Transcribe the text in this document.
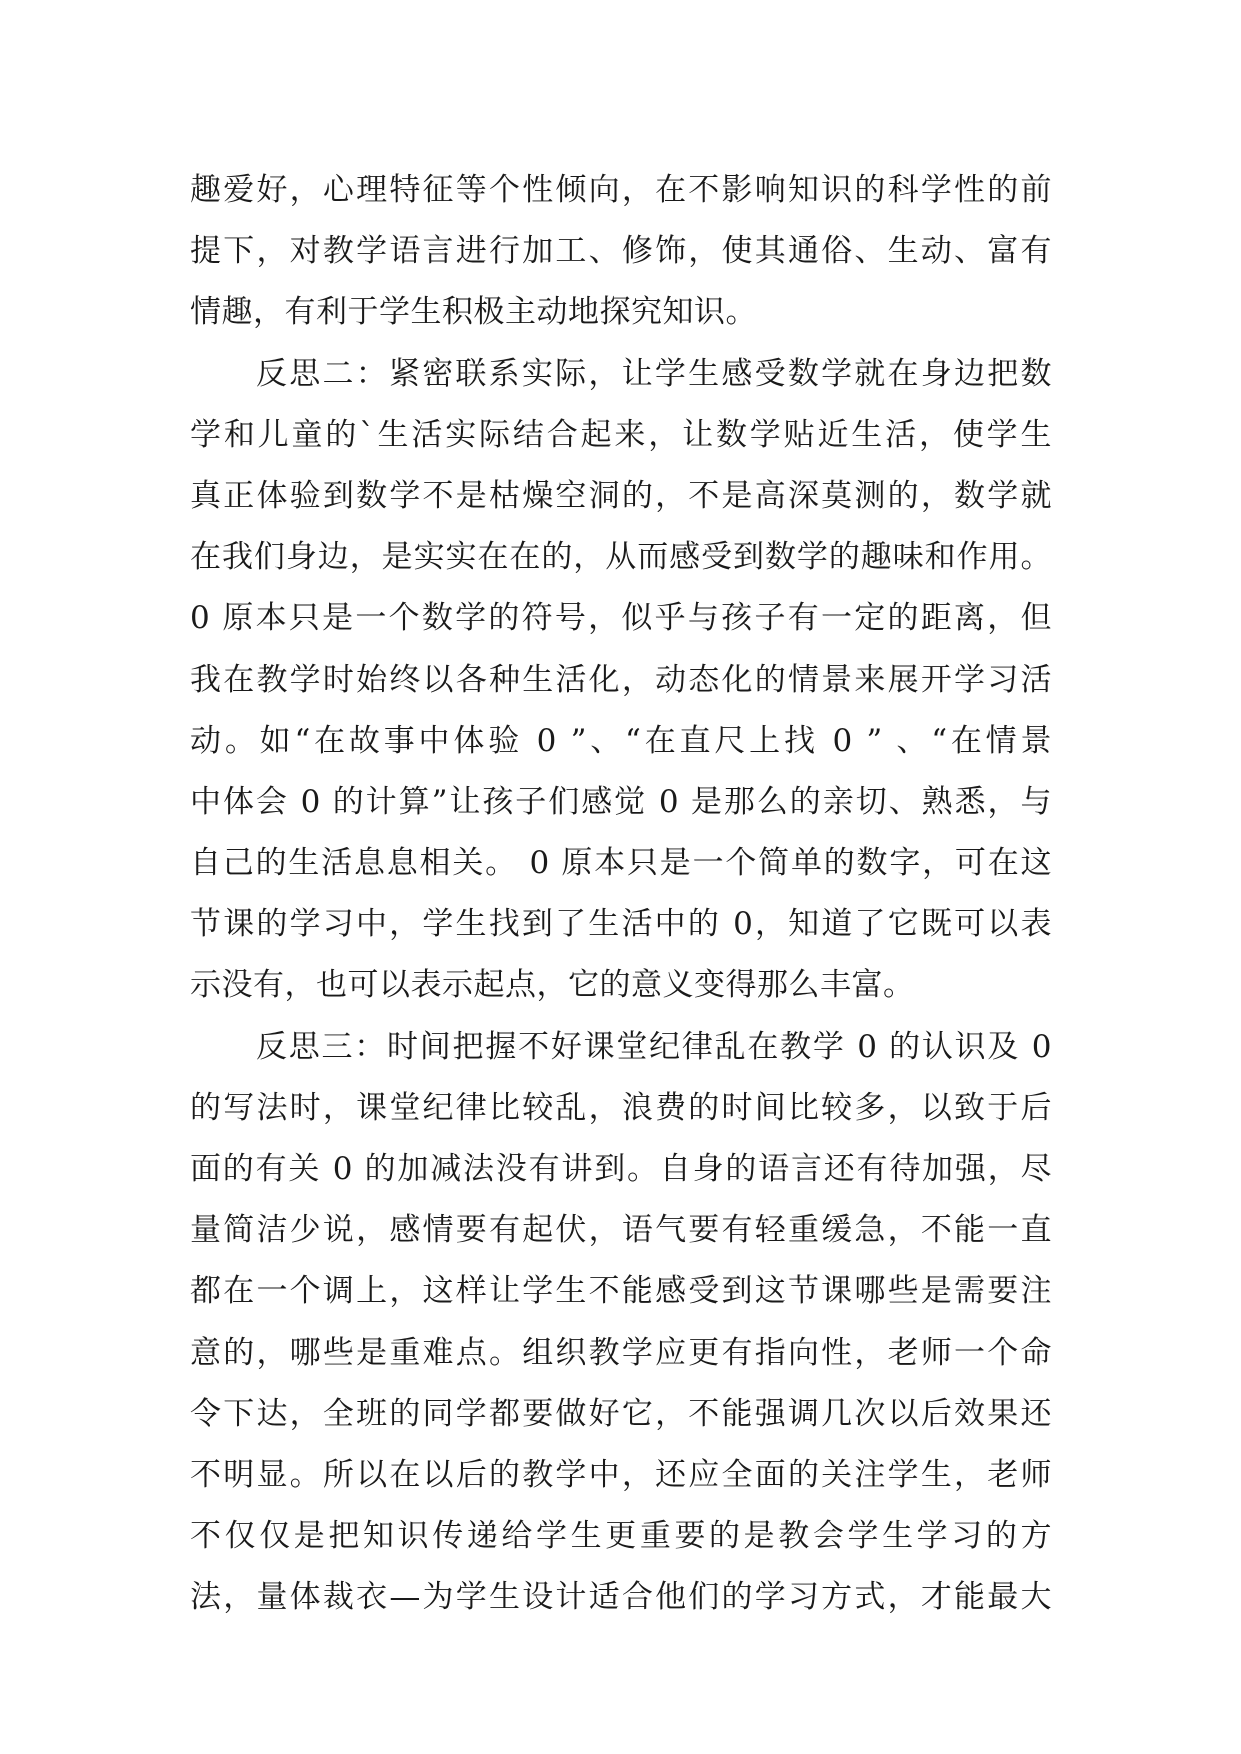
趣爱好，心理特征等个性倾向，在不影响知识的科学性的前
提下，对教学语言进行加工、修饰，使其通俗、生动、富有
情趣，有利于学生积极主动地探究知识。
反思二：紧密联系实际，让学生感受数学就在身边把数
学和儿童的`生活实际结合起来，让数学贴近生活，使学生
真正体验到数学不是枯燥空洞的，不是高深莫测的，数学就
在我们身边，是实实在在的，从而感受到数学的趣味和作用。
0 原本只是一个数学的符号，似乎与孩子有一定的距离，但
我在教学时始终以各种生活化，动态化的情景来展开学习活
动。如“在故事中体验 0 ”、“在直尺上找 0 ” 、“在情景
中体会 0 的计算”让孩子们感觉 0 是那么的亲切、熟悉，与
自己的生活息息相关。 0 原本只是一个简单的数字，可在这
节课的学习中，学生找到了生活中的 0，知道了它既可以表
示没有，也可以表示起点，它的意义变得那么丰富。
反思三：时间把握不好课堂纪律乱在教学 0 的认识及 0
的写法时，课堂纪律比较乱，浪费的时间比较多，以致于后
面的有关 0 的加减法没有讲到。自身的语言还有待加强，尽
量简洁少说，感情要有起伏，语气要有轻重缓急，不能一直
都在一个调上，这样让学生不能感受到这节课哪些是需要注
意的，哪些是重难点。组织教学应更有指向性，老师一个命
令下达，全班的同学都要做好它，不能强调几次以后效果还
不明显。所以在以后的教学中，还应全面的关注学生，老师
不仅仅是把知识传递给学生更重要的是教会学生学习的方
法，量体裁衣—为学生设计适合他们的学习方式，才能最大
